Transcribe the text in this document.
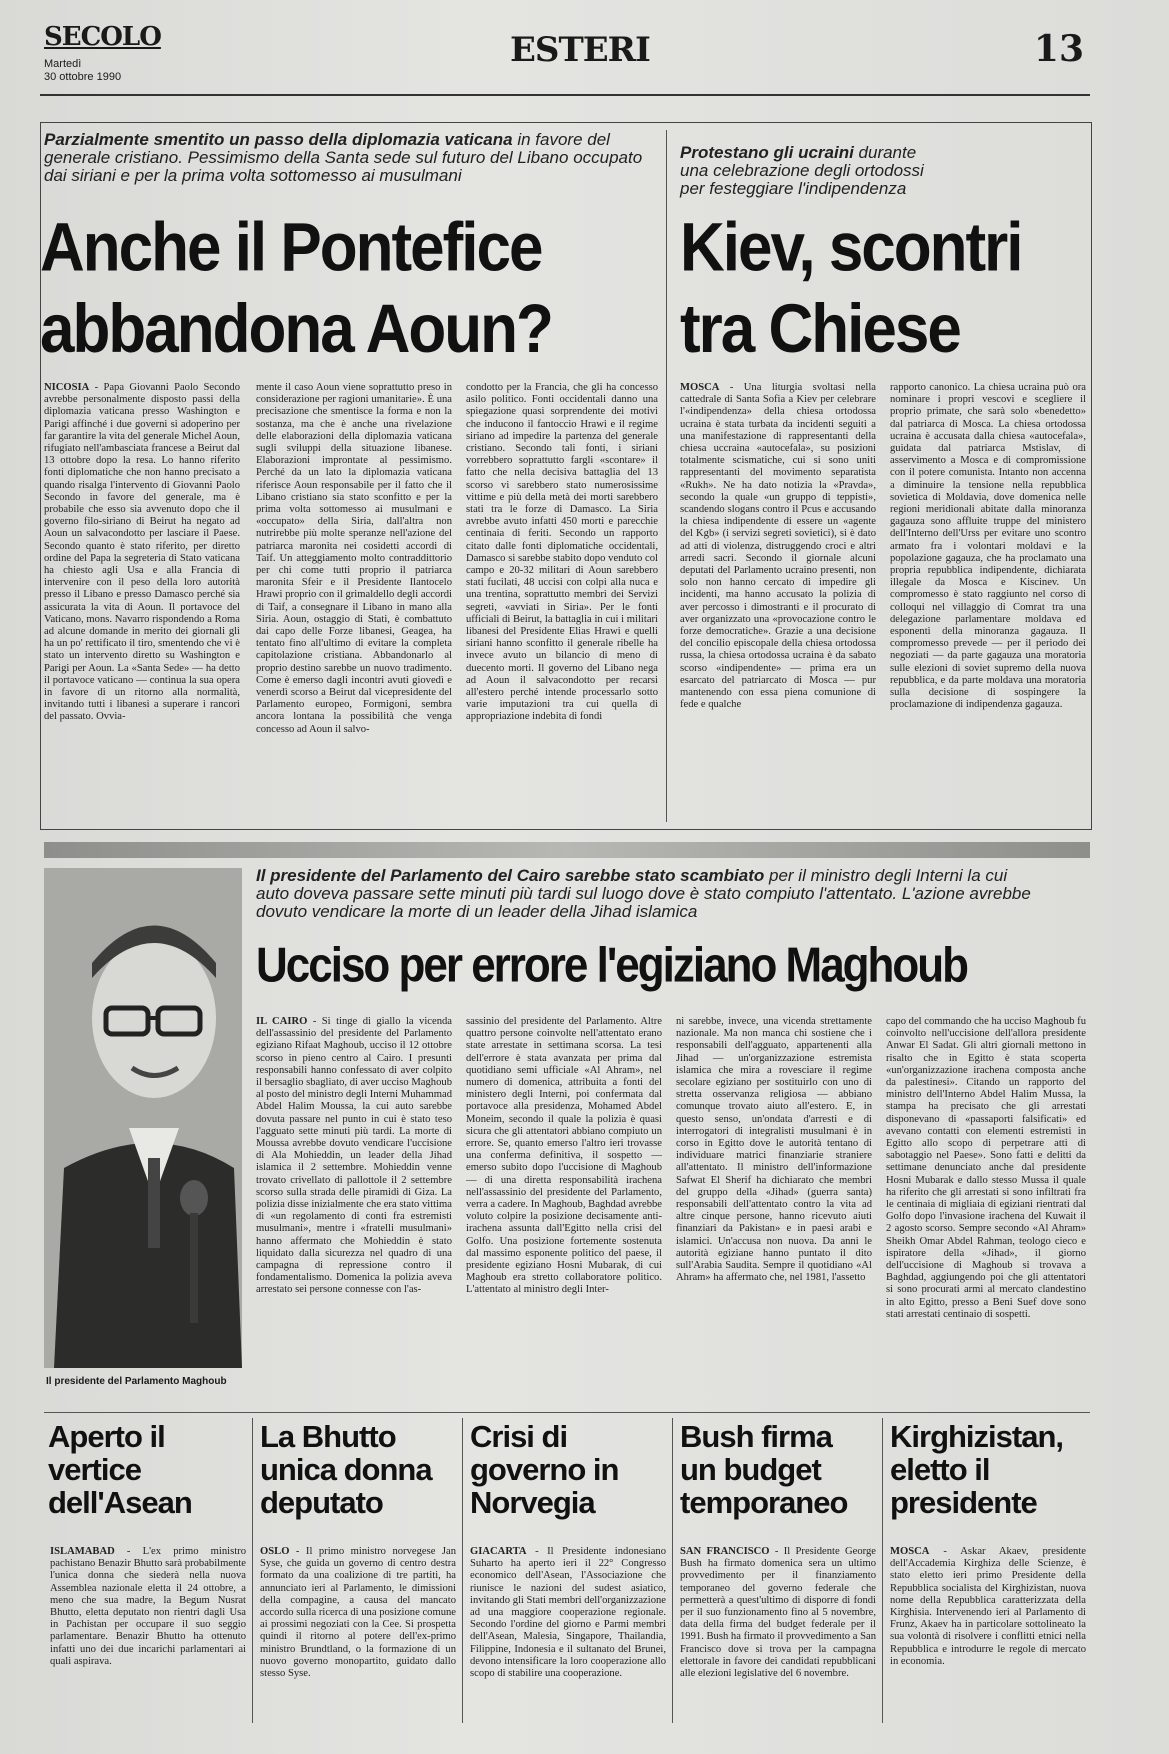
SECOLO
Martedì
30 ottobre 1990
ESTERI	13
Parzialmente smentito un passo della diplomazia vaticana in favore del generale cristiano. Pessimismo della Santa sede sul futuro del Libano occupato dai siriani e per la prima volta sottomesso ai musulmani
Anche il Pontefice
abbandona Aoun?
NICOSIA - Papa Giovanni Paolo Secondo avrebbe personalmente disposto passi della diplomazia vaticana presso Washington e Parigi affinché i due governi si adoperino per far garantire la vita del generale Michel Aoun, rifugiato nell'ambasciata francese a Beirut dal 13 ottobre dopo la resa. Lo hanno riferito fonti diplomatiche che non hanno precisato a quando risalga l'intervento di Giovanni Paolo Secondo in favore del generale, ma è probabile che esso sia avvenuto dopo che il governo filo-siriano di Beirut ha negato ad Aoun un salvacondotto per lasciare il Paese. Secondo quanto è stato riferito, per diretto ordine del Papa la segreteria di Stato vaticana ha chiesto agli Usa e alla Francia di intervenire con il peso della loro autorità presso il Libano e presso Damasco perché sia assicurata la vita di Aoun. Il portavoce del Vaticano, mons. Navarro rispondendo a Roma ad alcune domande in merito dei giornali gli ha un po' rettificato il tiro, smentendo che vi è stato un intervento diretto su Washington e Parigi per Aoun. La «Santa Sede» — ha detto il portavoce vaticano — continua la sua opera in favore di un ritorno alla normalità, invitando tutti i libanesi a superare i rancori del passato. Ovvia-
mente il caso Aoun viene soprattutto preso in considerazione per ragioni umanitarie». È una precisazione che smentisce la forma e non la sostanza, ma che è anche una rivelazione delle elaborazioni della diplomazia vaticana sugli sviluppi della situazione libanese. Elaborazioni improntate al pessimismo. Perché da un lato la diplomazia vaticana riferisce Aoun responsabile per il fatto che il Libano cristiano sia stato sconfitto e per la prima volta sottomesso ai musulmani e «occupato» della Siria, dall'altra non nutrirebbe più molte speranze nell'azione del patriarca maronita nei cosidetti accordi di Taif. Un atteggiamento molto contraddittorio per chi come tutti proprio il patriarca maronita Sfeir e il Presidente Ilantocelo Hrawi proprio con il grimaldello degli accordi di Taif, a consegnare il Libano in mano alla Siria. Aoun, ostaggio di Stati, è combattuto dai capo delle Forze libanesi, Geagea, ha tentato fino all'ultimo di evitare la completa capitolazione cristiana. Abbandonarlo al proprio destino sarebbe un nuovo tradimento. Come è emerso dagli incontri avuti giovedì e venerdì scorso a Beirut dal vicepresidente del Parlamento europeo, Formigoni, sembra ancora lontana la possibilità che venga concesso ad Aoun il salvo-
condotto per la Francia, che gli ha concesso asilo politico. Fonti occidentali danno una spiegazione quasi sorprendente dei motivi che inducono il fantoccio Hrawi e il regime siriano ad impedire la partenza del generale cristiano. Secondo tali fonti, i siriani vorrebbero soprattutto fargli «scontare» il fatto che nella decisiva battaglia del 13 scorso vi sarebbero stato numerosissime vittime e più della metà dei morti sarebbero stati tra le forze di Damasco. La Siria avrebbe avuto infatti 450 morti e parecchie centinaia di feriti. Secondo un rapporto citato dalle fonti diplomatiche occidentali, Damasco si sarebbe stabito dopo venduto col campo e 20-32 militari di Aoun sarebbero stati fucilati, 48 uccisi con colpi alla nuca e una trentina, soprattutto membri dei Servizi segreti, «avviati in Siria». Per le fonti ufficiali di Beirut, la battaglia in cui i militari libanesi del Presidente Elias Hrawi e quelli siriani hanno sconfitto il generale ribelle ha invece avuto un bilancio di meno di duecento morti. Il governo del Libano nega ad Aoun il salvacondotto per recarsi all'estero perché intende processarlo sotto varie imputazioni tra cui quella di appropriazione indebita di fondi
Protestano gli ucraini durante una celebrazione degli ortodossi per festeggiare l'indipendenza
Kiev, scontri
tra Chiese
MOSCA - Una liturgia svoltasi nella cattedrale di Santa Sofia a Kiev per celebrare l'«indipendenza» della chiesa ortodossa ucraina è stata turbata da incidenti seguiti a una manifestazione di rappresentanti della chiesa uccraina «autocefala», su posizioni totalmente scismatiche, cui si sono uniti rappresentanti del movimento separatista «Rukh». Ne ha dato notizia la «Pravda», secondo la quale «un gruppo di teppisti», scandendo slogans contro il Pcus e accusando la chiesa indipendente di essere un «agente del Kgb» (i servizi segreti sovietici), si è dato ad atti di violenza, distruggendo croci e altri arredi sacri. Secondo il giornale alcuni deputati del Parlamento ucraino presenti, non solo non hanno cercato di impedire gli incidenti, ma hanno accusato la polizia di aver percosso i dimostranti e il procurato di aver organizzato una «provocazione contro le forze democratiche». Grazie a una decisione del concilio episcopale della chiesa ortodossa russa, la chiesa ortodossa ucraina è da sabato scorso «indipendente» — prima era un esarcato del patriarcato di Mosca — pur mantenendo con essa piena comunione di fede e qualche
rapporto canonico. La chiesa ucraina può ora nominare i propri vescovi e scegliere il proprio primate, che sarà solo «benedetto» dal patriarca di Mosca. La chiesa ortodossa ucraina è accusata dalla chiesa «autocefala», guidata dal patriarca Mstislav, di asservimento a Mosca e di compromissione con il potere comunista. Intanto non accenna a diminuire la tensione nella repubblica sovietica di Moldavia, dove domenica nelle regioni meridionali abitate dalla minoranza gagauza sono affluite truppe del ministero dell'Interno dell'Urss per evitare uno scontro armato fra i volontari moldavi e la popolazione gagauza, che ha proclamato una propria repubblica indipendente, dichiarata illegale da Mosca e Kiscinev. Un compromesso è stato raggiunto nel corso di colloqui nel villaggio di Comrat tra una delegazione parlamentare moldava ed esponenti della minoranza gagauza. Il compromesso prevede — per il periodo dei negoziati — da parte gagauza una moratoria sulle elezioni di soviet supremo della nuova repubblica, e da parte moldava una moratoria sulla decisione di sospingere la proclamazione di indipendenza gagauza.
Il presidente del Parlamento Maghoub
Il presidente del Parlamento del Cairo sarebbe stato scambiato per il ministro degli Interni la cui auto doveva passare sette minuti più tardi sul luogo dove è stato compiuto l'attentato. L'azione avrebbe dovuto vendicare la morte di un leader della Jihad islamica
Ucciso per errore l'egiziano Maghoub
IL CAIRO - Si tinge di giallo la vicenda dell'assassinio del presidente del Parlamento egiziano Rifaat Maghoub, ucciso il 12 ottobre scorso in pieno centro al Cairo. I presunti responsabili hanno confessato di aver colpito il bersaglio sbagliato, di aver ucciso Maghoub al posto del ministro degli Interni Muhammad Abdel Halim Moussa, la cui auto sarebbe dovuta passare nel punto in cui è stato teso l'agguato sette minuti più tardi. La morte di Moussa avrebbe dovuto vendicare l'uccisione di Ala Mohieddin, un leader della Jihad islamica il 2 settembre. Mohieddin venne trovato crivellato di pallottole il 2 settembre scorso sulla strada delle piramidi di Giza. La polizia disse inizialmente che era stato vittima di «un regolamento di conti fra estremisti musulmani», mentre i «fratelli musulmani» hanno affermato che Mohieddin è stato liquidato dalla sicurezza nel quadro di una campagna di repressione contro il fondamentalismo. Domenica la polizia aveva arrestato sei persone connesse con l'as-
sassinio del presidente del Parlamento. Altre quattro persone coinvolte nell'attentato erano state arrestate in settimana scorsa. La tesi dell'errore è stata avanzata per prima dal quotidiano semi ufficiale «Al Ahram», nel numero di domenica, attribuita a fonti del ministero degli Interni, poi confermata dal portavoce alla presidenza, Mohamed Abdel Moneim, secondo il quale la polizia è quasi sicura che gli attentatori abbiano compiuto un errore. Se, quanto emerso l'altro ieri trovasse una conferma definitiva, il sospetto — emerso subito dopo l'uccisione di Maghoub — di una diretta responsabilità irachena nell'assassinio del presidente del Parlamento, verra a cadere. In Maghoub, Baghdad avrebbe voluto colpire la posizione decisamente anti-irachena assunta dall'Egitto nella crisi del Golfo. Una posizione fortemente sostenuta dal massimo esponente politico del paese, il presidente egiziano Hosni Mubarak, di cui Maghoub era stretto collaboratore politico. L'attentato al ministro degli Inter-
ni sarebbe, invece, una vicenda strettamente nazionale. Ma non manca chi sostiene che i responsabili dell'agguato, appartenenti alla Jihad — un'organizzazione estremista islamica che mira a rovesciare il regime secolare egiziano per sostituirlo con uno di stretta osservanza religiosa — abbiano comunque trovato aiuto all'estero. E, in questo senso, un'ondata d'arresti e di interrogatori di integralisti musulmani è in corso in Egitto dove le autorità tentano di individuare matrici finanziarie straniere all'attentato. Il ministro dell'informazione Safwat El Sherif ha dichiarato che membri del gruppo della «Jihad» (guerra santa) responsabili dell'attentato contro la vita ad altre cinque persone, hanno ricevuto aiuti finanziari da Pakistan» e in paesi arabi e islamici. Un'accusa non nuova. Da anni le autorità egiziane hanno puntato il dito sull'Arabia Saudita. Sempre il quotidiano «Al Ahram» ha affermato che, nel 1981, l'assetto
capo del commando che ha ucciso Maghoub fu coinvolto nell'uccisione dell'allora presidente Anwar El Sadat. Gli altri giornali mettono in risalto che in Egitto è stata scoperta «un'organizzazione irachena composta anche da palestinesi». Citando un rapporto del ministro dell'Interno Abdel Halim Mussa, la stampa ha precisato che gli arrestati disponevano di «passaporti falsificati» ed avevano contatti con elementi estremisti in Egitto allo scopo di perpetrare atti di sabotaggio nel Paese». Sono fatti e delitti da settimane denunciato anche dal presidente Hosni Mubarak e dallo stesso Mussa il quale ha riferito che gli arrestati si sono infiltrati fra le centinaia di migliaia di egiziani rientrati dal Golfo dopo l'invasione irachena del Kuwait il 2 agosto scorso. Sempre secondo «Al Ahram» Sheikh Omar Abdel Rahman, teologo cieco e ispiratore della «Jihad», il giorno dell'uccisione di Maghoub si trovava a Baghdad, aggiungendo poi che gli attentatori si sono procurati armi al mercato clandestino in alto Egitto, presso a Beni Suef dove sono stati arrestati centinaio di sospetti.
Aperto il vertice dell'Asean
ISLAMABAD - L'ex primo ministro pachistano Benazir Bhutto sarà probabilmente l'unica donna che siederà nella nuova Assemblea nazionale eletta il 24 ottobre, a meno che sua madre, la Begum Nusrat Bhutto, eletta deputato non rientri dagli Usa in Pachistan per occupare il suo seggio parlamentare. Benazir Bhutto ha ottenuto infatti uno dei due incarichi parlamentari ai quali aspirava.
La Bhutto unica donna deputato
OSLO - Il primo ministro norvegese Jan Syse, che guida un governo di centro destra formato da una coalizione di tre partiti, ha annunciato ieri al Parlamento, le dimissioni della compagine, a causa del mancato accordo sulla ricerca di una posizione comune ai prossimi negoziati con la Cee. Si prospetta quindi il ritorno al potere dell'ex-primo ministro Brundtland, o la formazione di un nuovo governo monopartito, guidato dallo stesso Syse.
Crisi di governo in Norvegia
GIACARTA - Il Presidente indonesiano Suharto ha aperto ieri il 22° Congresso economico dell'Asean, l'Associazione che riunisce le nazioni del sudest asiatico, invitando gli Stati membri dell'organizzazione ad una maggiore cooperazione regionale. Secondo l'ordine del giorno e Parmi membri dell'Asean, Malesia, Singapore, Thailandia, Filippine, Indonesia e il sultanato del Brunei, devono intensificare la loro cooperazione allo scopo di stabilire una cooperazione.
Bush firma un budget temporaneo
SAN FRANCISCO - Il Presidente George Bush ha firmato domenica sera un ultimo provvedimento per il finanziamento temporaneo del governo federale che permetterà a quest'ultimo di disporre di fondi per il suo funzionamento fino al 5 novembre, data della firma del budget federale per il 1991. Bush ha firmato il provvedimento a San Francisco dove si trova per la campagna elettorale in favore dei candidati repubblicani alle elezioni legislative del 6 novembre.
Kirghizistan, eletto il presidente
MOSCA - Askar Akaev, presidente dell'Accademia Kirghiza delle Scienze, è stato eletto ieri primo Presidente della Repubblica socialista del Kirghizistan, nuova nome della Repubblica caratterizzata della Kirghisia. Intervenendo ieri al Parlamento di Frunz, Akaev ha in particolare sottolineato la sua volontà di risolvere i conflitti etnici nella Repubblica e introdurre le regole di mercato in economia.
